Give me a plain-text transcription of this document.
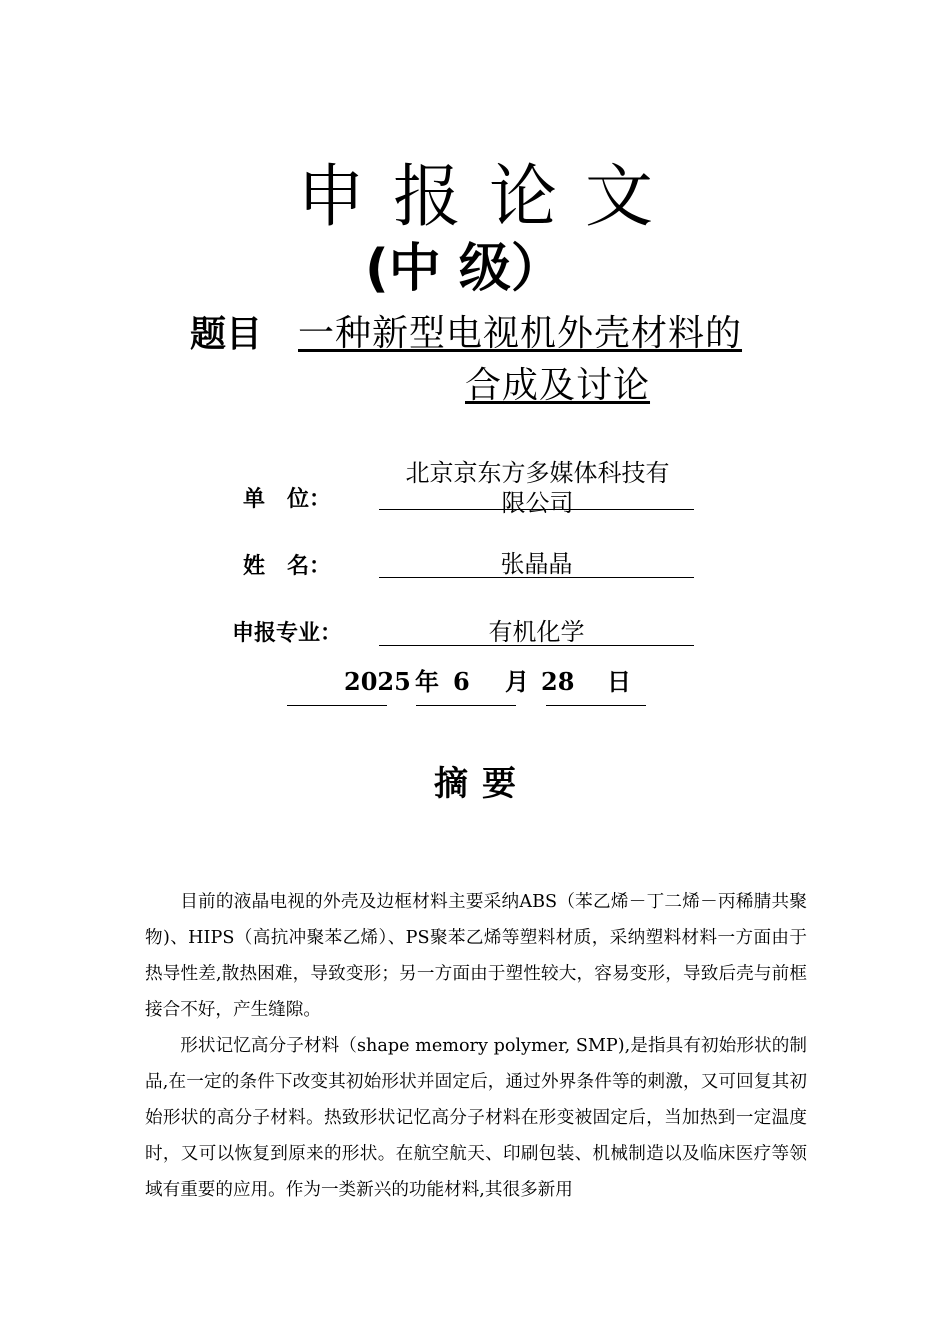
申报论文
(中 级）
题目 一种新型电视机外壳材料的
合成及讨论
单　位：
北京京东方多媒体科技有限公司
姓　名：	张晶晶
申报专业：	有机化学
2025 年 6 月 28 日
摘要

目前的液晶电视的外壳及边框材料主要采纳ABS（苯乙烯－丁二烯－丙稀腈共聚物)、HIPS（高抗冲聚苯乙烯）、PS聚苯乙烯等塑料材质，采纳塑料材料一方面由于热导性差,散热困难，导致变形；另一方面由于塑性较大，容易变形，导致后壳与前框接合不好，产生缝隙。

形状记忆高分子材料（shape memory polymer, SMP),是指具有初始形状的制品,在一定的条件下改变其初始形状并固定后，通过外界条件等的刺激，又可回复其初始形状的高分子材料。热致形状记忆高分子材料在形变被固定后，当加热到一定温度时，又可以恢复到原来的形状。在航空航天、印刷包装、机械制造以及临床医疗等领域有重要的应用。作为一类新兴的功能材料,其很多新用
